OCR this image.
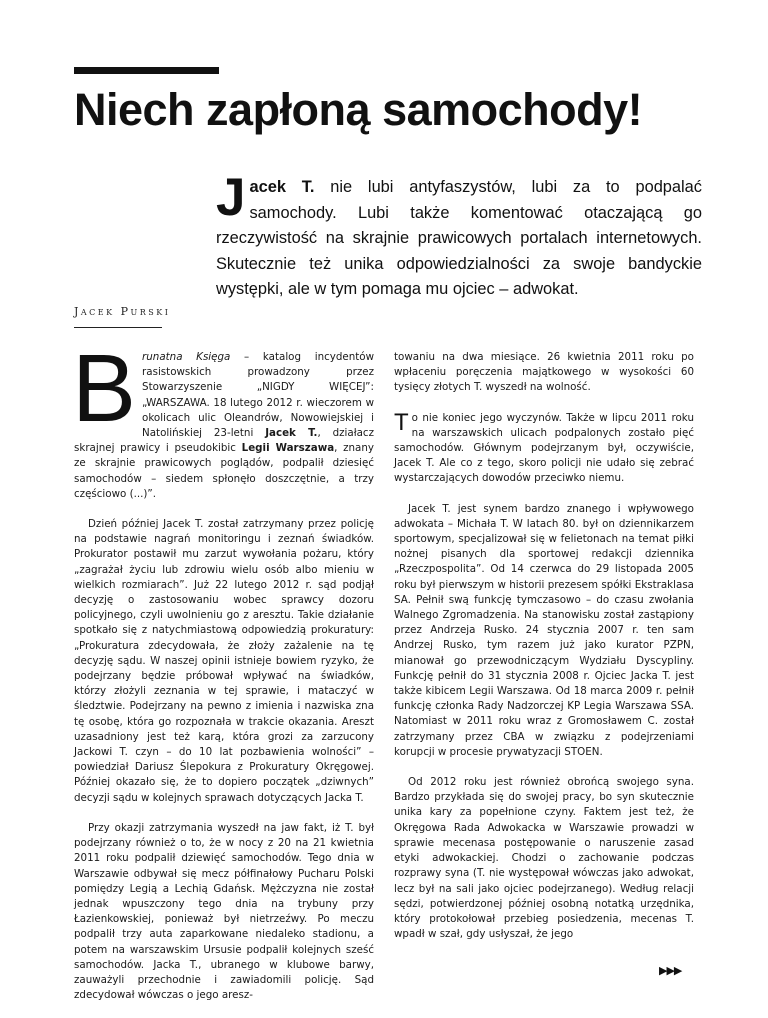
Niech zapłoną samochody!
Jacek T. nie lubi antyfaszystów, lubi za to podpalać samochody. Lubi także komentować otaczającą go rzeczywistość na skrajnie prawicowych portalach internetowych. Skutecznie też unika odpowiedzialności za swoje bandyckie występki, ale w tym pomaga mu ojciec – adwokat.
Jacek Purski

Brunatna Księga – katalog incydentów rasistowskich prowadzony przez Stowarzyszenie „NIGDY WIĘCEJ”: „WARSZAWA. 18 lutego 2012 r. wieczorem w okolicach ulic Oleandrów, Nowowiejskiej i Natolińskiej 23-letni Jacek T., działacz skrajnej prawicy i pseudokibic Legii Warszawa, znany ze skrajnie prawicowych poglądów, podpalił dziesięć samochodów – siedem spłonęło doszczętnie, a trzy częściowo (...)”.

Dzień później Jacek T. został zatrzymany przez policję na podstawie nagrań monitoringu i zeznań świadków. Prokurator postawił mu zarzut wywołania pożaru, który „zagrażał życiu lub zdrowiu wielu osób albo mieniu w wielkich rozmiarach”. Już 22 lutego 2012 r. sąd podjął decyzję o zastosowaniu wobec sprawcy dozoru policyjnego, czyli uwolnieniu go z aresztu. Takie działanie spotkało się z natychmiastową odpowiedzią prokuratury: „Prokuratura zdecydowała, że złoży zażalenie na tę decyzję sądu. W naszej opinii istnieje bowiem ryzyko, że podejrzany będzie próbował wpływać na świadków, którzy złożyli zeznania w tej sprawie, i mataczyć w śledztwie. Podejrzany na pewno z imienia i nazwiska zna tę osobę, która go rozpoznała w trakcie okazania. Areszt uzasadniony jest też karą, która grozi za zarzucony Jackowi T. czyn – do 10 lat pozbawienia wolności” – powiedział Dariusz Ślepokura z Prokuratury Okręgowej. Później okazało się, że to dopiero początek „dziwnych” decyzji sądu w kolejnych sprawach dotyczących Jacka T.

Przy okazji zatrzymania wyszedł na jaw fakt, iż T. był podejrzany również o to, że w nocy z 20 na 21 kwietnia 2011 roku podpalił dziewięć samochodów. Tego dnia w Warszawie odbywał się mecz półfinałowy Pucharu Polski pomiędzy Legią a Lechią Gdańsk. Mężczyzna nie został jednak wpuszczony tego dnia na trybuny przy Łazienkowskiej, ponieważ był nietrzeźwy. Po meczu podpalił trzy auta zaparkowane niedaleko stadionu, a potem na warszawskim Ursusie podpalił kolejnych sześć samochodów. Jacka T., ubranego w klubowe barwy, zauważyli przechodnie i zawiadomili policję. Sąd zdecydował wówczas o jego aresz-

towaniu na dwa miesiące. 26 kwietnia 2011 roku po wpłaceniu poręczenia majątkowego w wysokości 60 tysięcy złotych T. wyszedł na wolność.

To nie koniec jego wyczynów. Także w lipcu 2011 roku na warszawskich ulicach podpalonych zostało pięć samochodów. Głównym podejrzanym był, oczywiście, Jacek T. Ale co z tego, skoro policji nie udało się zebrać wystarczających dowodów przeciwko niemu.

Jacek T. jest synem bardzo znanego i wpływowego adwokata – Michała T. W latach 80. był on dziennikarzem sportowym, specjalizował się w felietonach na temat piłki nożnej pisanych dla sportowej redakcji dziennika „Rzeczpospolita”. Od 14 czerwca do 29 listopada 2005 roku był pierwszym w historii prezesem spółki Ekstraklasa SA. Pełnił swą funkcję tymczasowo – do czasu zwołania Walnego Zgromadzenia. Na stanowisku został zastąpiony przez Andrzeja Rusko. 24 stycznia 2007 r. ten sam Andrzej Rusko, tym razem już jako kurator PZPN, mianował go przewodniczącym Wydziału Dyscypliny. Funkcję pełnił do 31 stycznia 2008 r. Ojciec Jacka T. jest także kibicem Legii Warszawa. Od 18 marca 2009 r. pełnił funkcję członka Rady Nadzorczej KP Legia Warszawa SSA. Natomiast w 2011 roku wraz z Gromosławem C. został zatrzymany przez CBA w związku z podejrzeniami korupcji w procesie prywatyzacji STOEN.

Od 2012 roku jest również obrońcą swojego syna. Bardzo przykłada się do swojej pracy, bo syn skutecznie unika kary za popełnione czyny. Faktem jest też, że Okręgowa Rada Adwokacka w Warszawie prowadzi w sprawie mecenasa postępowanie o naruszenie zasad etyki adwokackiej. Chodzi o zachowanie podczas rozprawy syna (T. nie występował wówczas jako adwokat, lecz był na sali jako ojciec podejrzanego). Według relacji sędzi, potwierdzonej później osobną notatką urzędnika, który protokołował przebieg posiedzenia, mecenas T. wpadł w szał, gdy usłyszał, że jego

▶▶▶
